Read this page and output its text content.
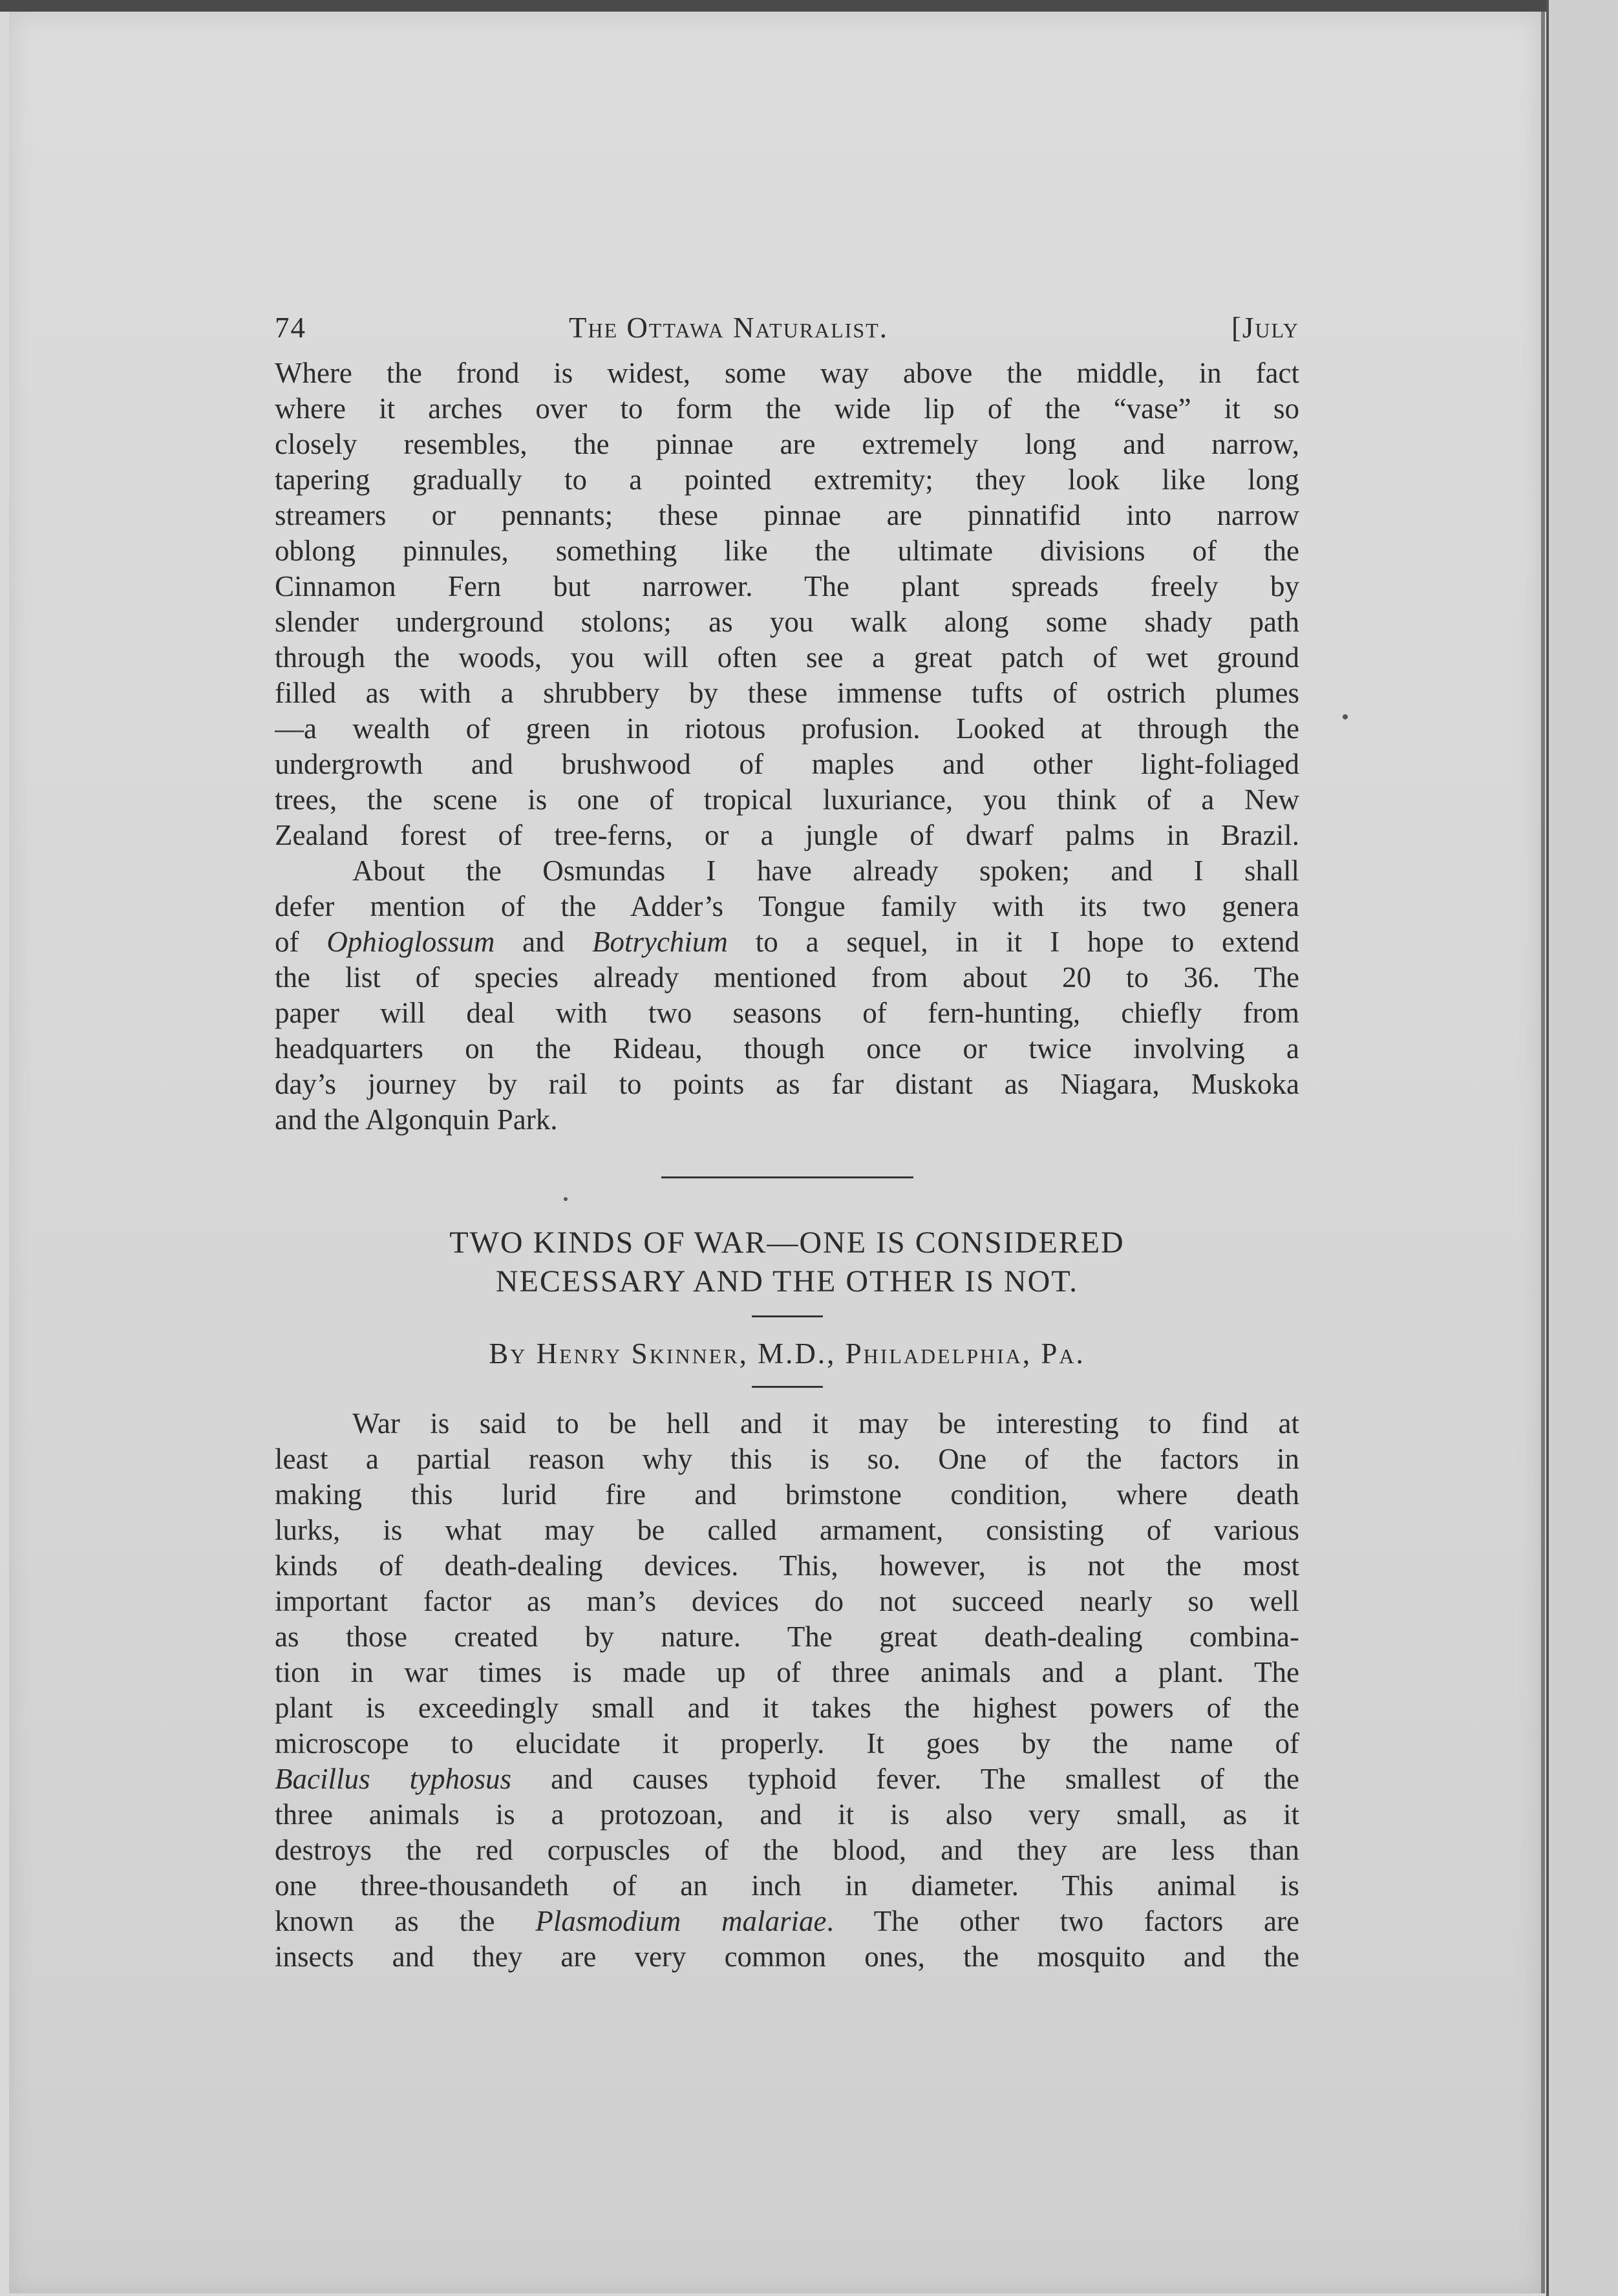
74	The Ottawa Naturalist.	[July
Where the frond is widest, some way above the middle, in fact
where it arches over to form the wide lip of the “vase” it so
closely resembles, the pinnae are extremely long and narrow,
tapering gradually to a pointed extremity; they look like long
streamers or pennants; these pinnae are pinnatifid into narrow
oblong pinnules, something like the ultimate divisions of the
Cinnamon Fern but narrower. The plant spreads freely by
slender underground stolons; as you walk along some shady path
through the woods, you will often see a great patch of wet ground
filled as with a shrubbery by these immense tufts of ostrich plumes
—a wealth of green in riotous profusion. Looked at through the
undergrowth and brushwood of maples and other light-foliaged
trees, the scene is one of tropical luxuriance, you think of a New
Zealand forest of tree-ferns, or a jungle of dwarf palms in Brazil.
About the Osmundas I have already spoken; and I shall
defer mention of the Adder’s Tongue family with its two genera
of Ophioglossum and Botrychium to a sequel, in it I hope to extend
the list of species already mentioned from about 20 to 36. The
paper will deal with two seasons of fern-hunting, chiefly from
headquarters on the Rideau, though once or twice involving a
day’s journey by rail to points as far distant as Niagara, Muskoka
and the Algonquin Park.
TWO KINDS OF WAR—ONE IS CONSIDERED
NECESSARY AND THE OTHER IS NOT.
By Henry Skinner, M.D., Philadelphia, Pa.
War is said to be hell and it may be interesting to find at
least a partial reason why this is so. One of the factors in
making this lurid fire and brimstone condition, where death
lurks, is what may be called armament, consisting of various
kinds of death-dealing devices. This, however, is not the most
important factor as man’s devices do not succeed nearly so well
as those created by nature. The great death-dealing combina-
tion in war times is made up of three animals and a plant. The
plant is exceedingly small and it takes the highest powers of the
microscope to elucidate it properly. It goes by the name of
Bacillus typhosus and causes typhoid fever. The smallest of the
three animals is a protozoan, and it is also very small, as it
destroys the red corpuscles of the blood, and they are less than
one three-thousandeth of an inch in diameter. This animal is
known as the Plasmodium malariae. The other two factors are
insects and they are very common ones, the mosquito and the
